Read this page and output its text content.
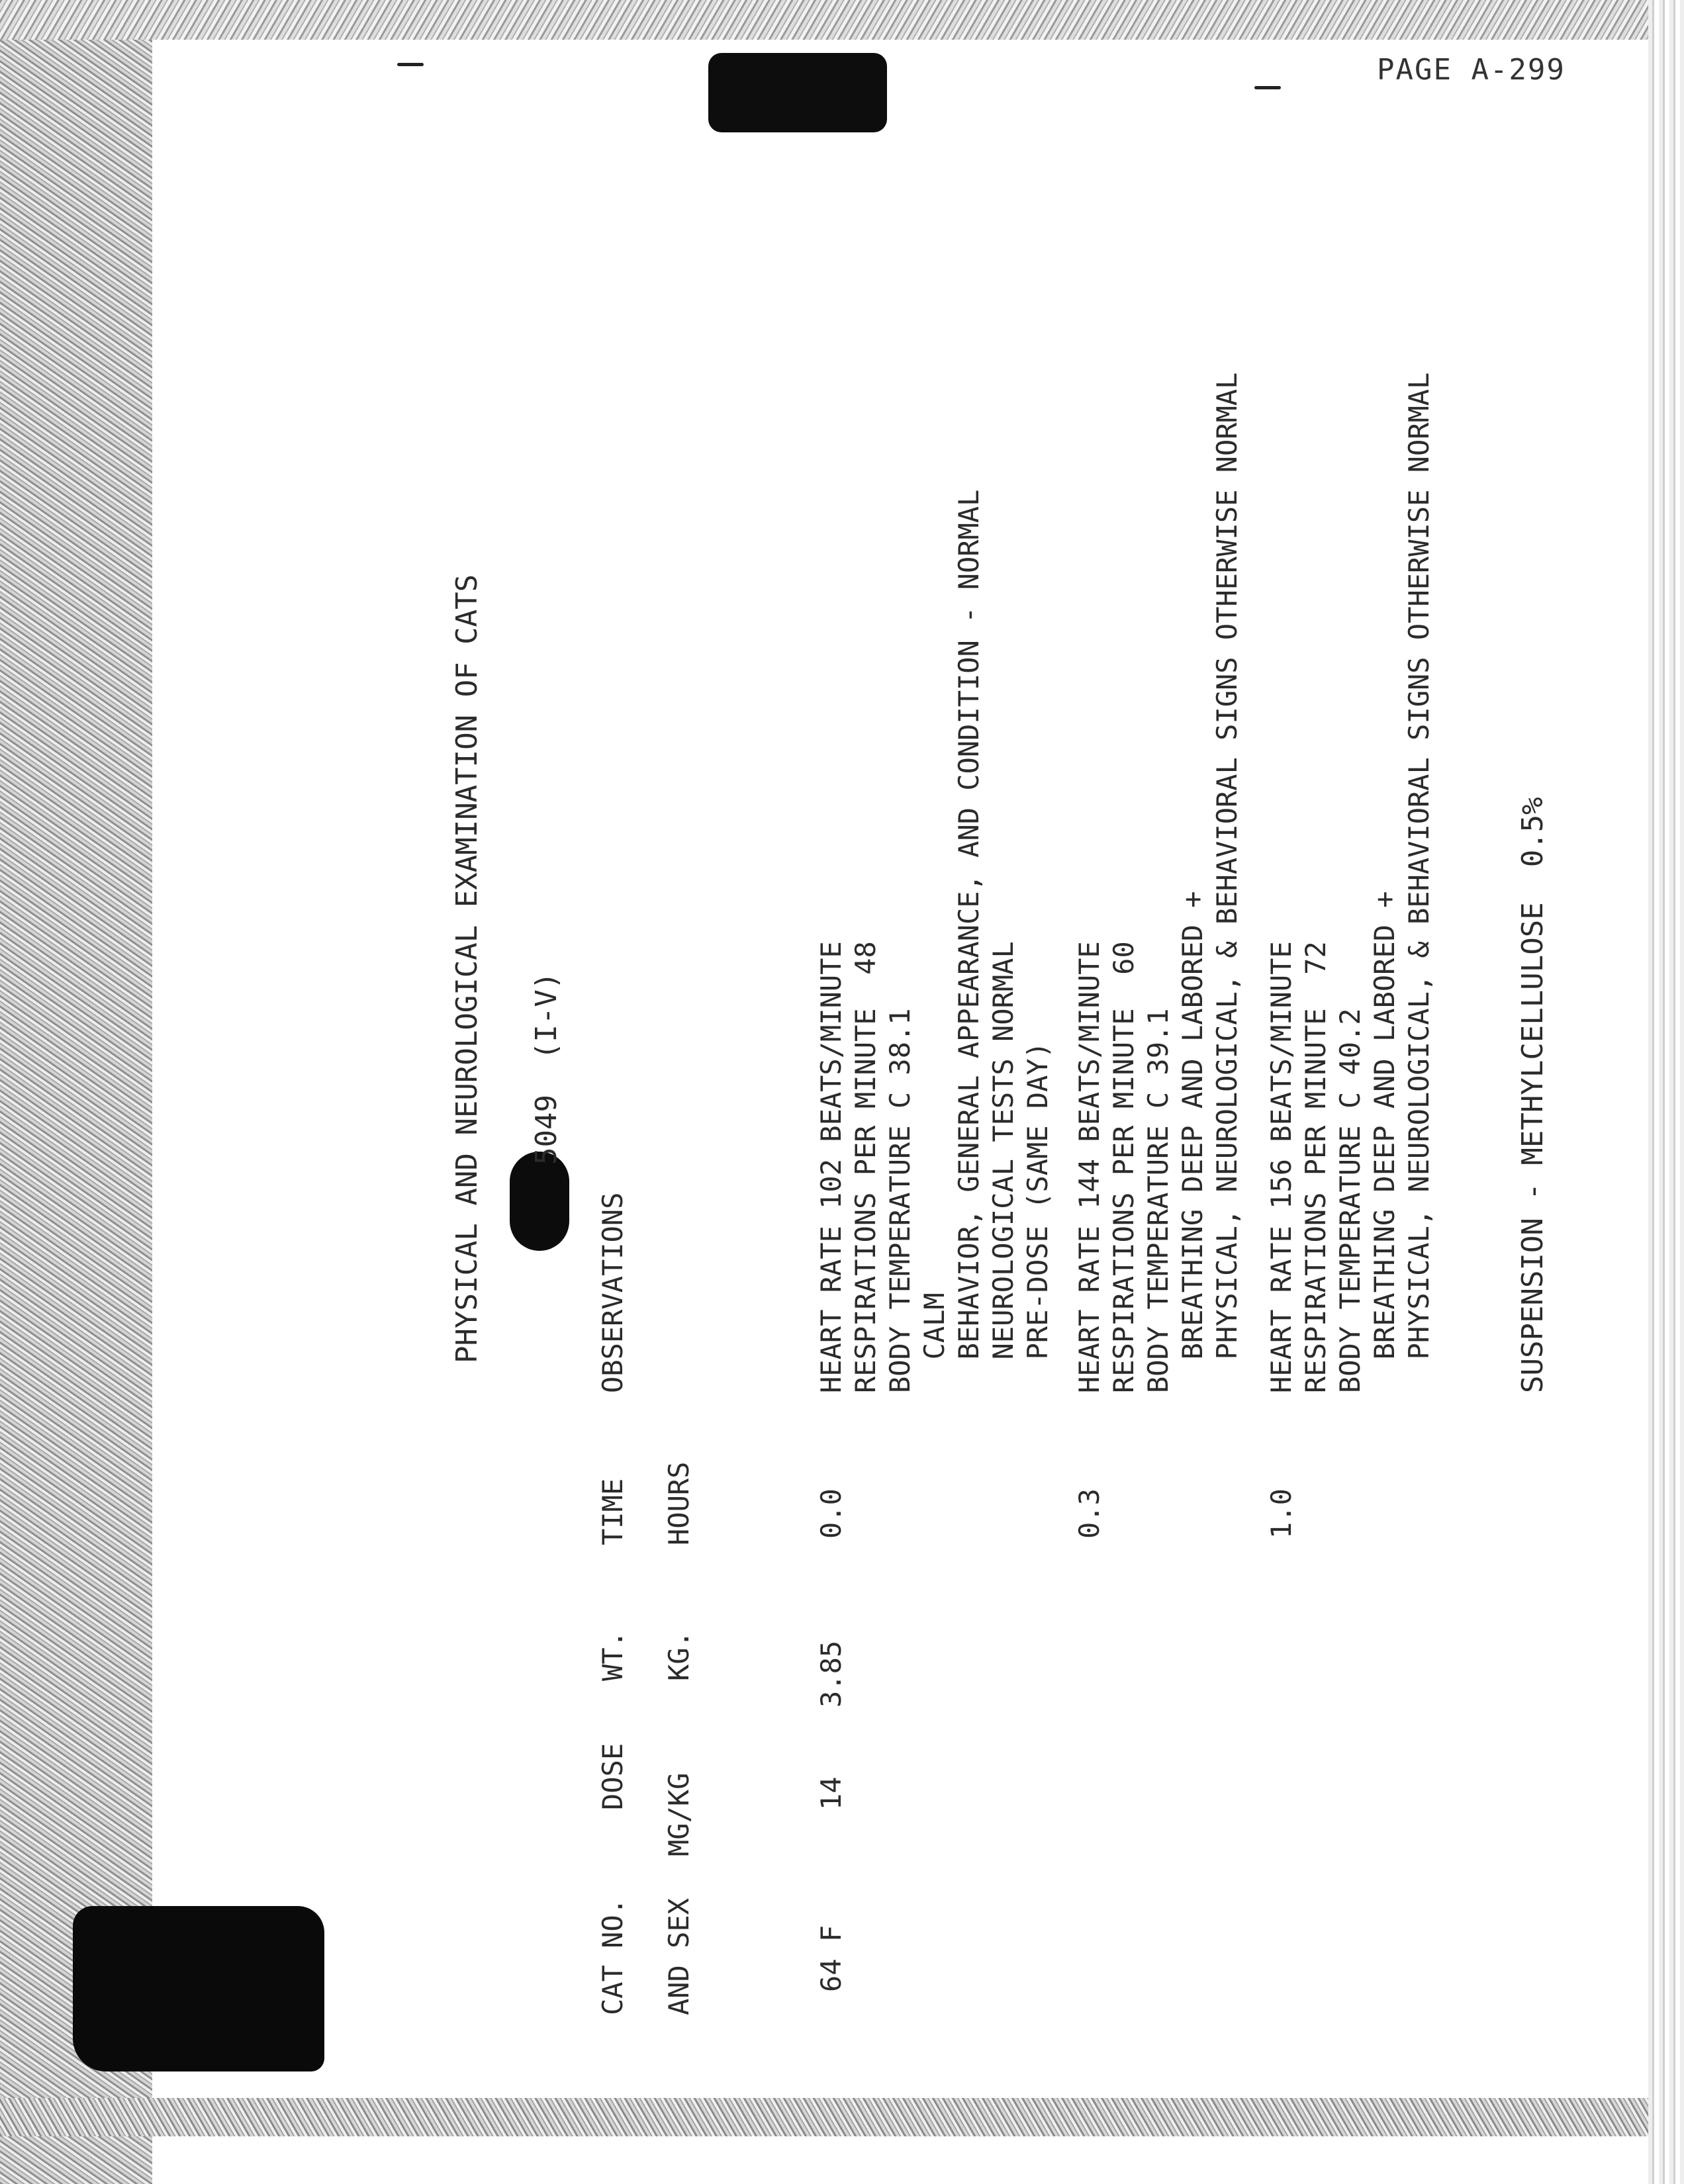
PAGE A-299
PHYSICAL AND NEUROLOGICAL EXAMINATION OF CATS 5049  (I-V)
CAT NO. AND SEX
DOSE MG/KG
WT. KG.
TIME HOURS
OBSERVATIONS
64 F
14
3.85
0.0
HEART RATE 102 BEATS/MINUTE RESPIRATIONS PER MINUTE  48 BODY TEMPERATURE C 38.1 CALM BEHAVIOR, GENERAL APPEARANCE, AND CONDITION - NORMAL NEUROLOGICAL TESTS NORMAL PRE-DOSE (SAME DAY)
0.3
HEART RATE 144 BEATS/MINUTE RESPIRATIONS PER MINUTE  60 BODY TEMPERATURE C 39.1 BREATHING DEEP AND LABORED + PHYSICAL, NEUROLOGICAL, & BEHAVIORAL SIGNS OTHERWISE NORMAL
1.0
HEART RATE 156 BEATS/MINUTE RESPIRATIONS PER MINUTE  72 BODY TEMPERATURE C 40.2 BREATHING DEEP AND LABORED + PHYSICAL, NEUROLOGICAL, & BEHAVIORAL SIGNS OTHERWISE NORMAL	SUSPENSION - METHYLCELLULOSE  0.5%
